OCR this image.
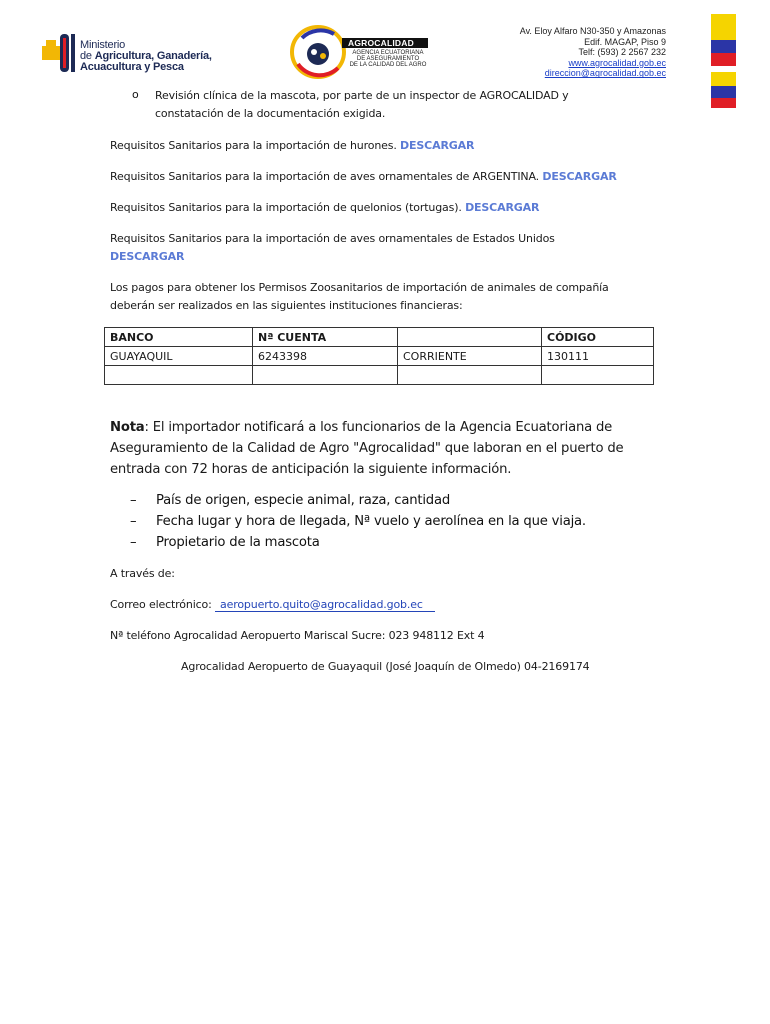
Ministerio
de Agricultura, Ganadería,
Acuacultura y Pesca
AGROCALIDAD
AGENCIA ECUATORIANA
DE ASEGURAMIENTO
DE LA CALIDAD DEL AGRO
Av. Eloy Alfaro N30-350 y Amazonas
Edif. MAGAP, Piso 9
Telf: (593) 2 2567 232
www.agrocalidad.gob.ec
direccion@agrocalidad.gob.ec
o Revisión clínica de la mascota, por parte de un inspector de AGROCALIDAD y
constatación de la documentación exigida.
Requisitos Sanitarios para la importación de hurones. DESCARGAR
Requisitos Sanitarios para la importación de aves ornamentales de ARGENTINA. DESCARGAR
Requisitos Sanitarios para la importación de quelonios (tortugas). DESCARGAR
Requisitos Sanitarios para la importación de aves ornamentales de Estados Unidos
DESCARGAR
Los pagos para obtener los Permisos Zoosanitarios de importación de animales de compañía
deberán ser realizados en las siguientes instituciones financieras:
BANCO	Nª CUENTA		CÓDIGO
GUAYAQUIL	6243398	CORRIENTE	130111

Nota: El importador notificará a los funcionarios de la Agencia Ecuatoriana de
Aseguramiento de la Calidad de Agro "Agrocalidad" que laboran en el puerto de
entrada con 72 horas de anticipación la siguiente información.
– País de origen, especie animal, raza, cantidad
– Fecha lugar y hora de llegada, Nª vuelo y aerolínea en la que viaja.
– Propietario de la mascota
A través de:
Correo electrónico: aeropuerto.quito@agrocalidad.gob.ec
Nª teléfono Agrocalidad Aeropuerto Mariscal Sucre: 023 948112 Ext 4
Agrocalidad Aeropuerto de Guayaquil (José Joaquín de Olmedo) 04-2169174
